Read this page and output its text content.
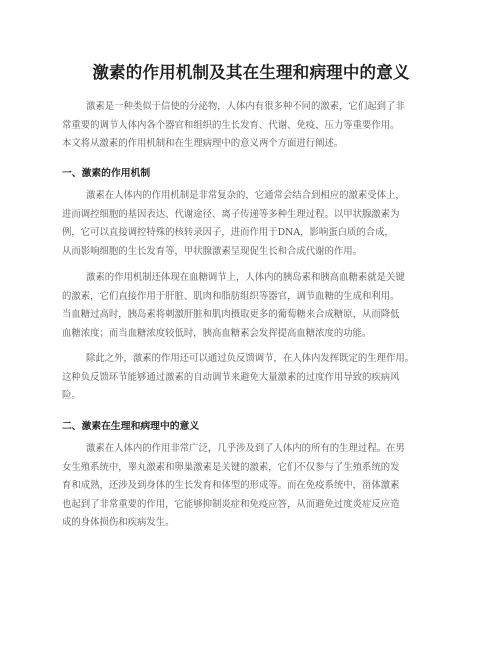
激素的作用机制及其在生理和病理中的意义

激素是一种类似于信使的分泌物，人体内有很多种不同的激素，它们起到了非
常重要的调节人体内各个器官和组织的生长发育、代谢、免疫、压力等重要作用。
本文将从激素的作用机制和在生理病理中的意义两个方面进行阐述。

一、激素的作用机制

激素在人体内的作用机制是非常复杂的，它通常会结合到相应的激素受体上，
进而调控细胞的基因表达、代谢途径、离子传递等多种生理过程。以甲状腺激素为
例，它可以直接调控特殊的核转录因子，进而作用于DNA，影响蛋白质的合成，
从而影响细胞的生长发育等，甲状腺激素呈现促生长和合成代谢的作用。

激素的作用机制还体现在血糖调节上，人体内的胰岛素和胰高血糖素就是关键
的激素，它们直接作用于肝脏、肌肉和脂肪组织等器官，调节血糖的生成和利用。
当血糖过高时，胰岛素将刺激肝脏和肌肉摄取更多的葡萄糖来合成糖原，从而降低
血糖浓度；而当血糖浓度较低时，胰高血糖素会发挥提高血糖浓度的功能。

除此之外，激素的作用还可以通过负反馈调节，在人体内发挥既定的生理作用。
这种负反馈环节能够通过激素的自动调节来避免大量激素的过度作用导致的疾病风
险。

二、激素在生理和病理中的意义

激素在人体内的作用非常广泛，几乎涉及到了人体内的所有的生理过程。在男
女生殖系统中，睾丸激素和卵巢激素是关键的激素，它们不仅参与了生殖系统的发
育和成熟，还涉及到身体的生长发育和体型的形成等。而在免疫系统中，甾体激素
也起到了非常重要的作用，它能够抑制炎症和免疫应答，从而避免过度炎症反应造
成的身体损伤和疾病发生。
